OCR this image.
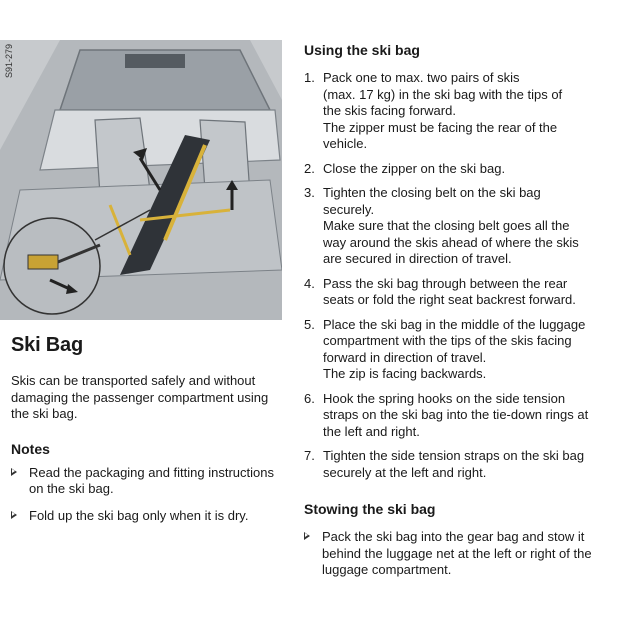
S91-279
Ski Bag

Skis can be transported safely and without damaging the passenger compartment using the ski bag.

Notes
Read the packaging and fitting instructions on the ski bag.
Fold up the ski bag only when it is dry.
Using the ski bag
1. Pack one to max. two pairs of skis
(max. 17 kg) in the ski bag with the tips of
the skis facing forward.
The zipper must be facing the rear of the
vehicle.
2. Close the zipper on the ski bag.
3. Tighten the closing belt on the ski bag
securely.
Make sure that the closing belt goes all the
way around the skis ahead of where the skis
are secured in direction of travel.
4. Pass the ski bag through between the rear
seats or fold the right seat backrest forward.
5. Place the ski bag in the middle of the luggage
compartment with the tips of the skis facing
forward in direction of travel.
The zip is facing backwards.
6. Hook the spring hooks on the side tension
straps on the ski bag into the tie-down rings at
the left and right.
7. Tighten the side tension straps on the ski bag
securely at the left and right.
Stowing the ski bag
Pack the ski bag into the gear bag and stow it behind the luggage net at the left or right of the luggage compartment.
